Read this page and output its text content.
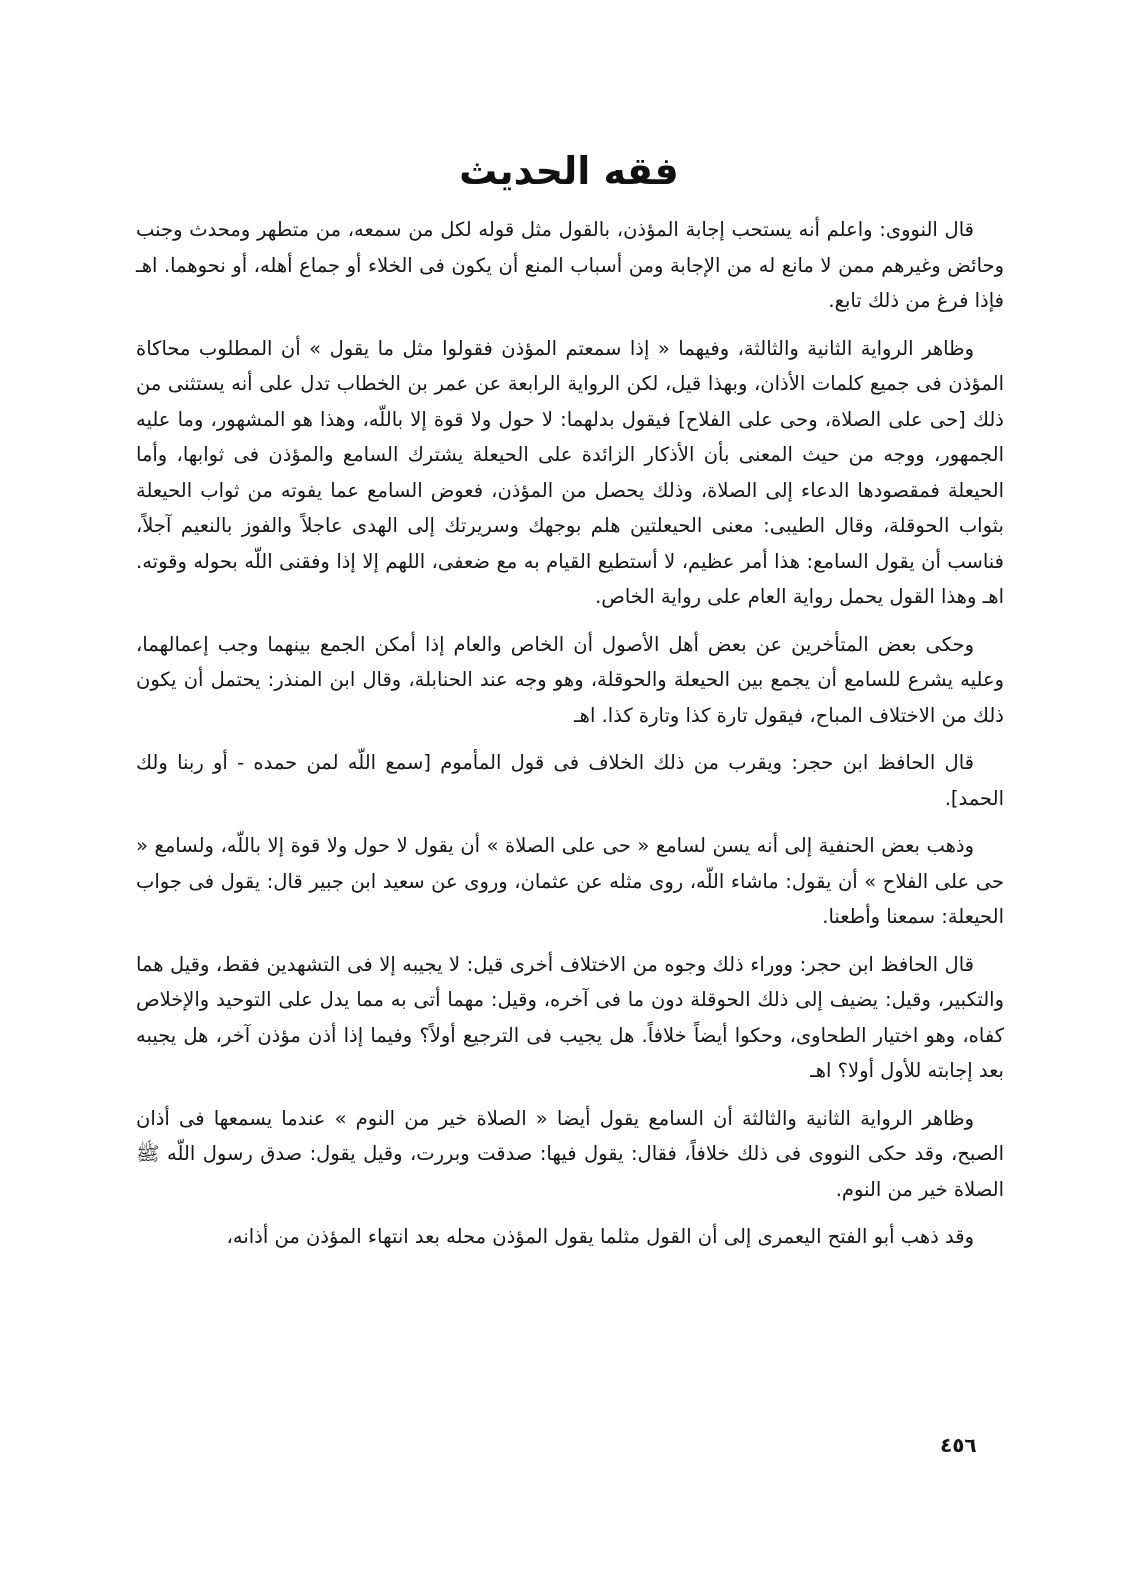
فقه الحديث

قال النووى: واعلم أنه يستحب إجابة المؤذن، بالقول مثل قوله لكل من سمعه، من متطهر ومحدث وجنب وحائض وغيرهم ممن لا مانع له من الإجابة ومن أسباب المنع أن يكون فى الخلاء أو جماع أهله، أو نحوهما. اهـ فإذا فرغ من ذلك تابع.

وظاهر الرواية الثانية والثالثة، وفيهما « إذا سمعتم المؤذن فقولوا مثل ما يقول » أن المطلوب محاكاة المؤذن فى جميع كلمات الأذان، وبهذا قيل، لكن الرواية الرابعة عن عمر بن الخطاب تدل على أنه يستثنى من ذلك [حى على الصلاة، وحى على الفلاح] فيقول بدلهما: لا حول ولا قوة إلا باللّه، وهذا هو المشهور، وما عليه الجمهور، ووجه من حيث المعنى بأن الأذكار الزائدة على الحيعلة يشترك السامع والمؤذن فى ثوابها، وأما الحيعلة فمقصودها الدعاء إلى الصلاة، وذلك يحصل من المؤذن، فعوض السامع عما يفوته من ثواب الحيعلة بثواب الحوقلة، وقال الطيبى: معنى الحيعلتين هلم بوجهك وسريرتك إلى الهدى عاجلاً والفوز بالنعيم آجلاً، فناسب أن يقول السامع: هذا أمر عظيم، لا أستطيع القيام به مع ضعفى، اللهم إلا إذا وفقنى اللّه بحوله وقوته. اهـ وهذا القول يحمل رواية العام على رواية الخاص.

وحكى بعض المتأخرين عن بعض أهل الأصول أن الخاص والعام إذا أمكن الجمع بينهما وجب إعمالهما، وعليه يشرع للسامع أن يجمع بين الحيعلة والحوقلة، وهو وجه عند الحنابلة، وقال ابن المنذر: يحتمل أن يكون ذلك من الاختلاف المباح، فيقول تارة كذا وتارة كذا. اهـ

قال الحافظ ابن حجر: ويقرب من ذلك الخلاف فى قول المأموم [سمع اللّه لمن حمده - أو ربنا ولك الحمد].

وذهب بعض الحنفية إلى أنه يسن لسامع « حى على الصلاة » أن يقول لا حول ولا قوة إلا باللّه، ولسامع « حى على الفلاح » أن يقول: ماشاء اللّه، روى مثله عن عثمان، وروى عن سعيد ابن جبير قال: يقول فى جواب الحيعلة: سمعنا وأطعنا.

قال الحافظ ابن حجر: ووراء ذلك وجوه من الاختلاف أخرى قيل: لا يجيبه إلا فى التشهدين فقط، وقيل هما والتكبير، وقيل: يضيف إلى ذلك الحوقلة دون ما فى آخره، وقيل: مهما أتى به مما يدل على التوحيد والإخلاص كفاه، وهو اختيار الطحاوى، وحكوا أيضاً خلافاً. هل يجيب فى الترجيع أولاً؟ وفيما إذا أذن مؤذن آخر، هل يجيبه بعد إجابته للأول أولا؟ اهـ

وظاهر الرواية الثانية والثالثة أن السامع يقول أيضا « الصلاة خير من النوم » عندما يسمعها فى أذان الصبح، وقد حكى النووى فى ذلك خلافاً، فقال: يقول فيها: صدقت وبررت، وقيل يقول: صدق رسول اللّه ﷺ الصلاة خير من النوم.

وقد ذهب أبو الفتح اليعمرى إلى أن القول مثلما يقول المؤذن محله بعد انتهاء المؤذن من أذانه،

٤٥٦
